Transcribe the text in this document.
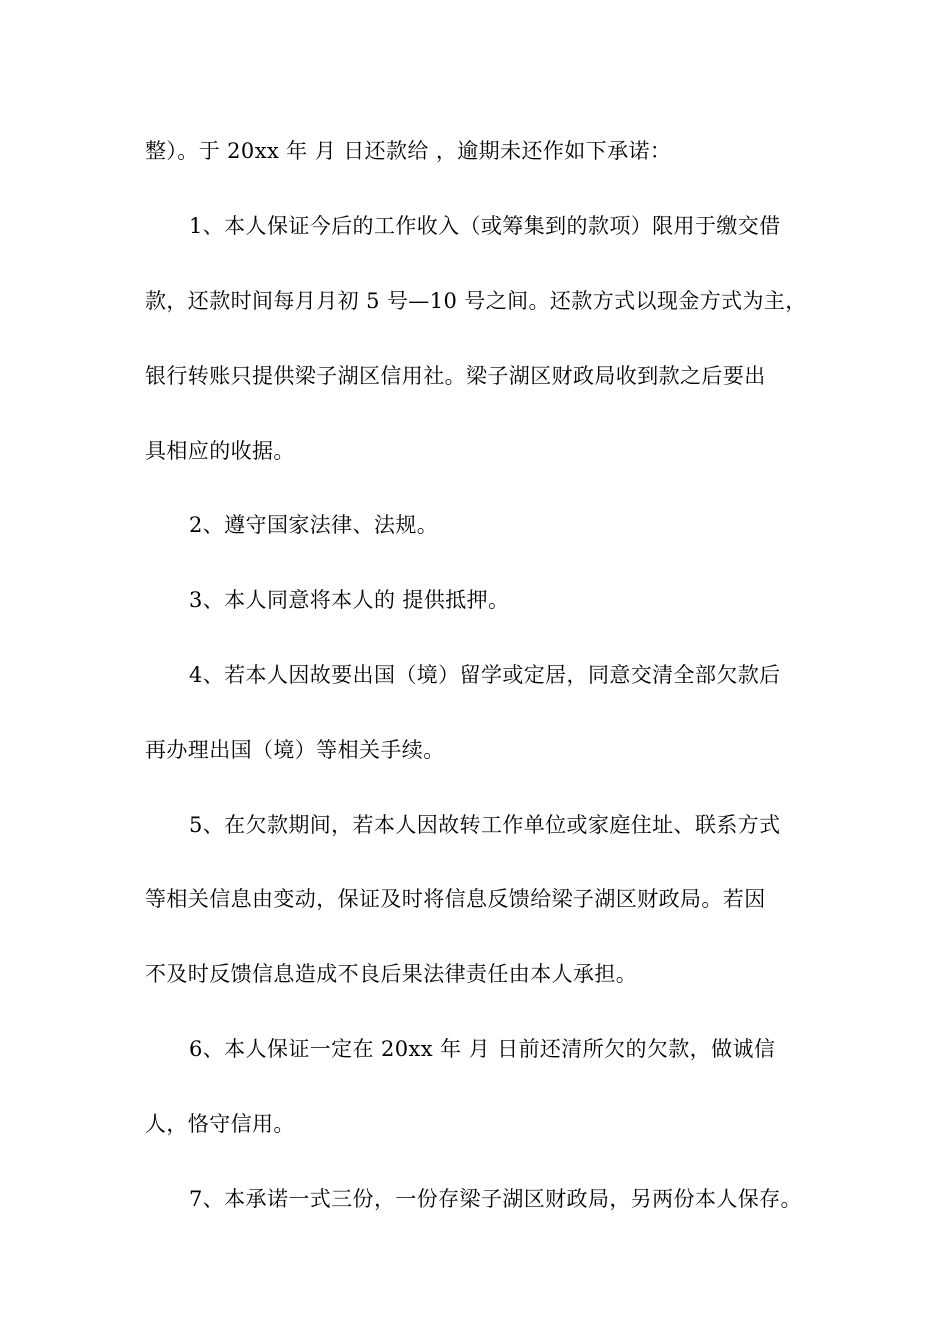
整）。于 20xx 年 月 日还款给 ，逾期未还作如下承诺：
1、本人保证今后的工作收入（或筹集到的款项）限用于缴交借
款，还款时间每月月初 5 号—10 号之间。还款方式以现金方式为主，
银行转账只提供梁子湖区信用社。梁子湖区财政局收到款之后要出
具相应的收据。
2、遵守国家法律、法规。
3、本人同意将本人的 提供抵押。
4、若本人因故要出国（境）留学或定居，同意交清全部欠款后
再办理出国（境）等相关手续。
5、在欠款期间，若本人因故转工作单位或家庭住址、联系方式
等相关信息由变动，保证及时将信息反馈给梁子湖区财政局。若因
不及时反馈信息造成不良后果法律责任由本人承担。
6、本人保证一定在 20xx 年 月 日前还清所欠的欠款，做诚信
人，恪守信用。
7、本承诺一式三份，一份存梁子湖区财政局，另两份本人保存。
